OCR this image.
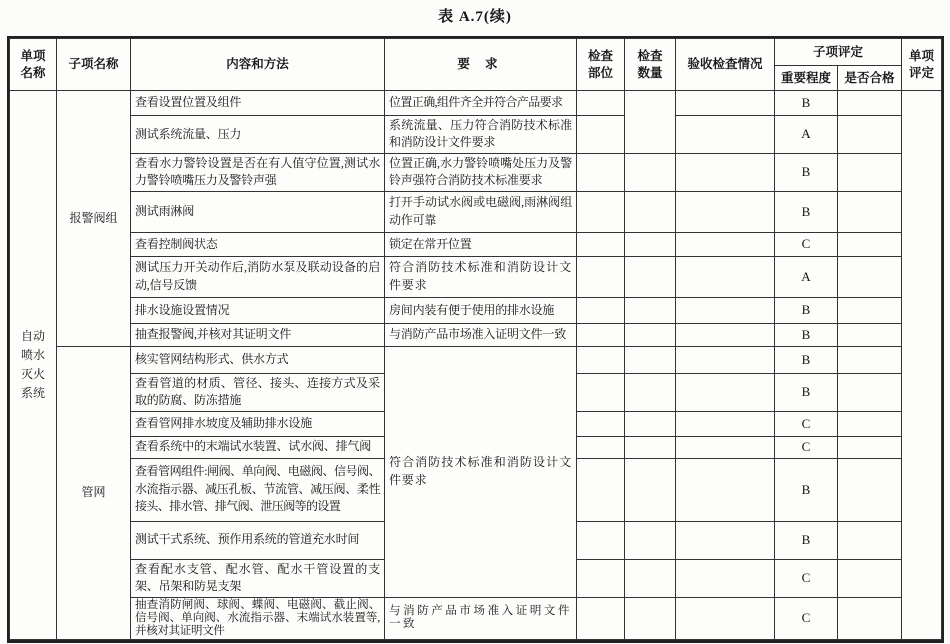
表 A.7(续)
单项名称	子项名称	内容和方法	要 求	检查部位	检查数量	验收检查情况	子项评定		单项评定
							重要程度	是否合格	
自动喷水灭火系统	报警阀组	查看设置位置及组件	位置正确,组件齐全并符合产品要求				B		
		测试系统流量、压力	系统流量、压力符合消防技术标准和消防设计文件要求				A		
		查看水力警铃设置是否在有人值守位置,测试水力警铃喷嘴压力及警铃声强	位置正确,水力警铃喷嘴处压力及警铃声强符合消防技术标准要求				B		
		测试雨淋阀	打开手动试水阀或电磁阀,雨淋阀组动作可靠				B		
		查看控制阀状态	锁定在常开位置				C		
		测试压力开关动作后,消防水泵及联动设备的启动,信号反馈	符合消防技术标准和消防设计文件要求				A		
		排水设施设置情况	房间内装有便于使用的排水设施				B		
		抽查报警阀,并核对其证明文件	与消防产品市场准入证明文件一致				B		
	管网	核实管网结构形式、供水方式	符合消防技术标准和消防设计文件要求				B		
		查看管道的材质、管径、接头、连接方式及采取的防腐、防冻措施					B		
		查看管网排水坡度及辅助排水设施					C		
		查看系统中的末端试水装置、试水阀、排气阀					C		
		查看管网组件:闸阀、单向阀、电磁阀、信号阀、水流指示器、减压孔板、节流管、减压阀、柔性接头、排水管、排气阀、泄压阀等的设置					B		
		测试干式系统、预作用系统的管道充水时间					B		
		查看配水支管、配水管、配水干管设置的支架、吊架和防晃支架					C		
		抽查消防闸阀、球阀、蝶阀、电磁阀、截止阀、信号阀、单向阀、水流指示器、末端试水装置等,并核对其证明文件	与消防产品市场准入证明文件一致				C		
